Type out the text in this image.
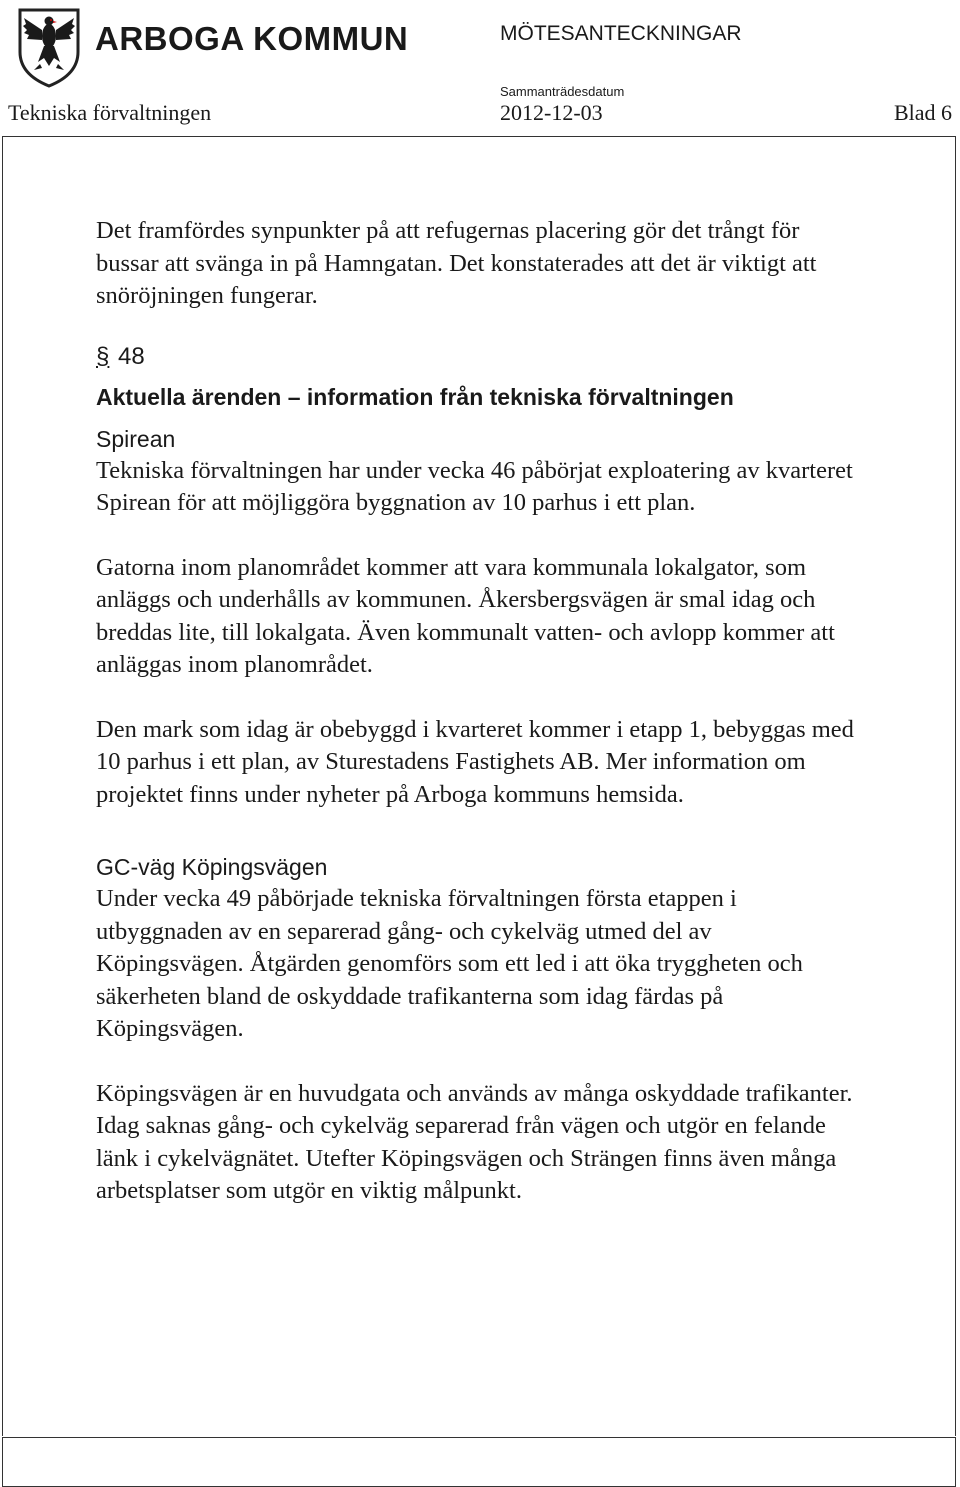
ARBOGA KOMMUN	MÖTESANTECKNINGAR
Sammanträdesdatum
Tekniska förvaltningen	2012-12-03	Blad 6

Det framfördes synpunkter på att refugernas placering gör det trångt för bussar att svänga in på Hamngatan. Det konstaterades att det är viktigt att snöröjningen fungerar.

§ 48

Aktuella ärenden – information från tekniska förvaltningen

Spirean

Tekniska förvaltningen har under vecka 46 påbörjat exploatering av kvarteret Spirean för att möjliggöra byggnation av 10 parhus i ett plan.

Gatorna inom planområdet kommer att vara kommunala lokalgator, som anläggs och underhålls av kommunen. Åkersbergsvägen är smal idag och breddas lite, till lokalgata. Även kommunalt vatten- och avlopp kommer att anläggas inom planområdet.

Den mark som idag är obebyggd i kvarteret kommer i etapp 1, bebyggas med 10 parhus i ett plan, av Sturestadens Fastighets AB. Mer information om projektet finns under nyheter på Arboga kommuns hemsida.

GC-väg Köpingsvägen

Under vecka 49 påbörjade tekniska förvaltningen första etappen i utbyggnaden av en separerad gång- och cykelväg utmed del av Köpingsvägen. Åtgärden genomförs som ett led i att öka tryggheten och säkerheten bland de oskyddade trafikanterna som idag färdas på Köpingsvägen.

Köpingsvägen är en huvudgata och används av många oskyddade trafikanter. Idag saknas gång- och cykelväg separerad från vägen och utgör en felande länk i cykelvägnätet. Utefter Köpingsvägen och Strängen finns även många arbetsplatser som utgör en viktig målpunkt.
